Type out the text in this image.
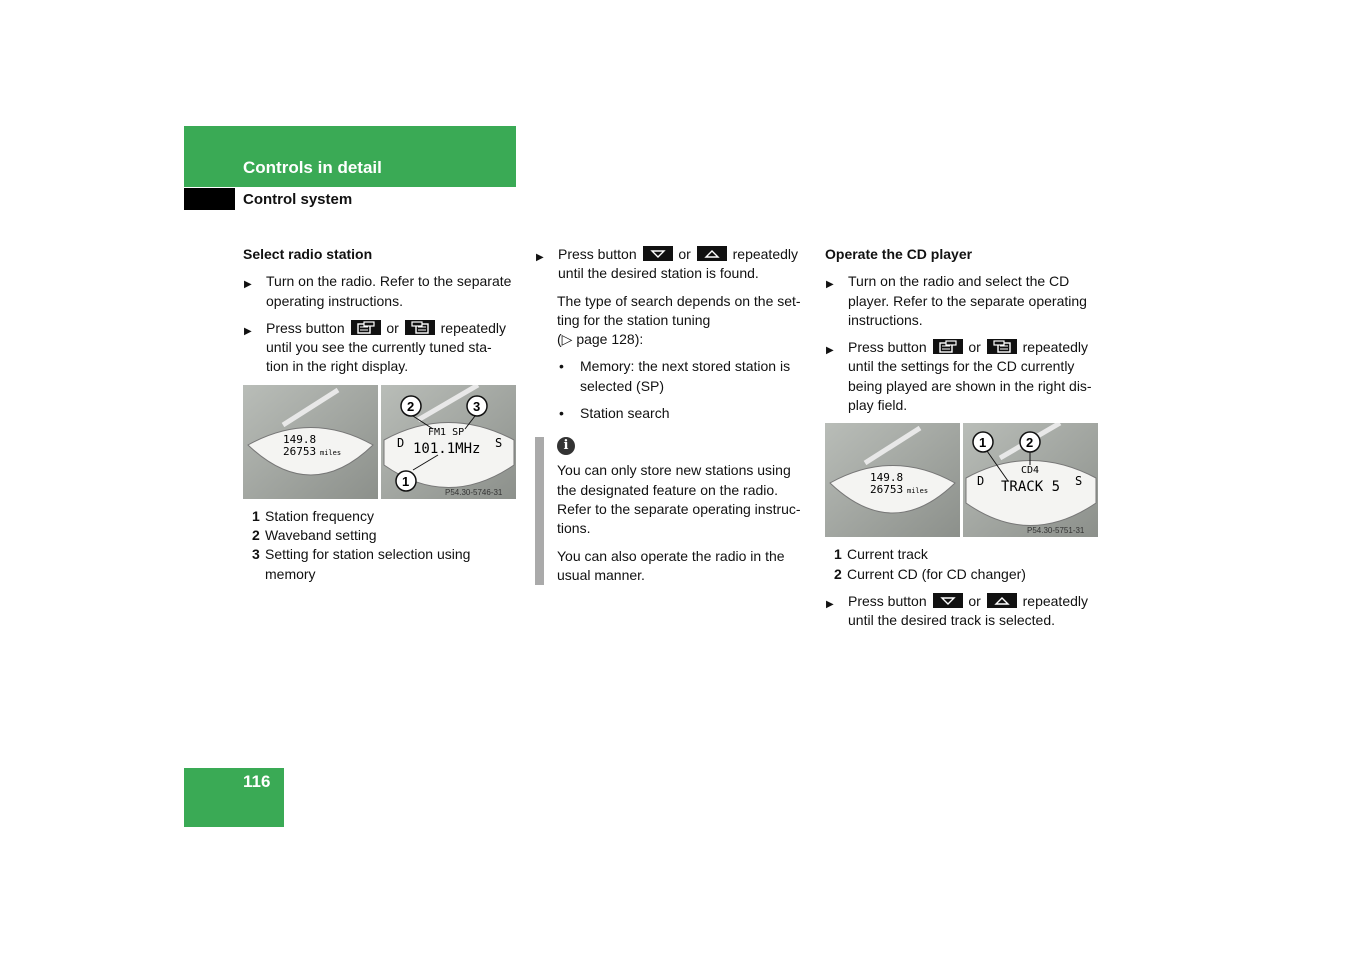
Controls in detail
Control system
Select radio station
▶ Turn on the radio. Refer to the separate operating instructions.
▶ Press button	or	repeatedly until you see the currently tuned sta- tion in the right display.
149.8
26753 miles
FM1 SP
101.1MHz
D	S
2	3
1
P54.30-5746-31
1 Station frequency
2 Waveband setting
3 Setting for station selection using memory
▶ Press button	or	repeatedly until the desired station is found.

The type of search depends on the set- ting for the station tuning
(▷ page 128):

• Memory: the next stored station is selected (SP)
• Station search
i

You can only store new stations using the designated feature on the radio. Refer to the separate operating instruc- tions.

You can also operate the radio in the usual manner.

Operate the CD player
▶ Turn on the radio and select the CD player. Refer to the separate operating instructions.
▶ Press button	or	repeatedly until the settings for the CD currently being played are shown in the right dis- play field.
149.8
26753 miles
CD4
TRACK 5
D	S
1	2
P54.30-5751-31
1 Current track
2 Current CD (for CD changer)
▶ Press button	or	repeatedly until the desired track is selected.
116
